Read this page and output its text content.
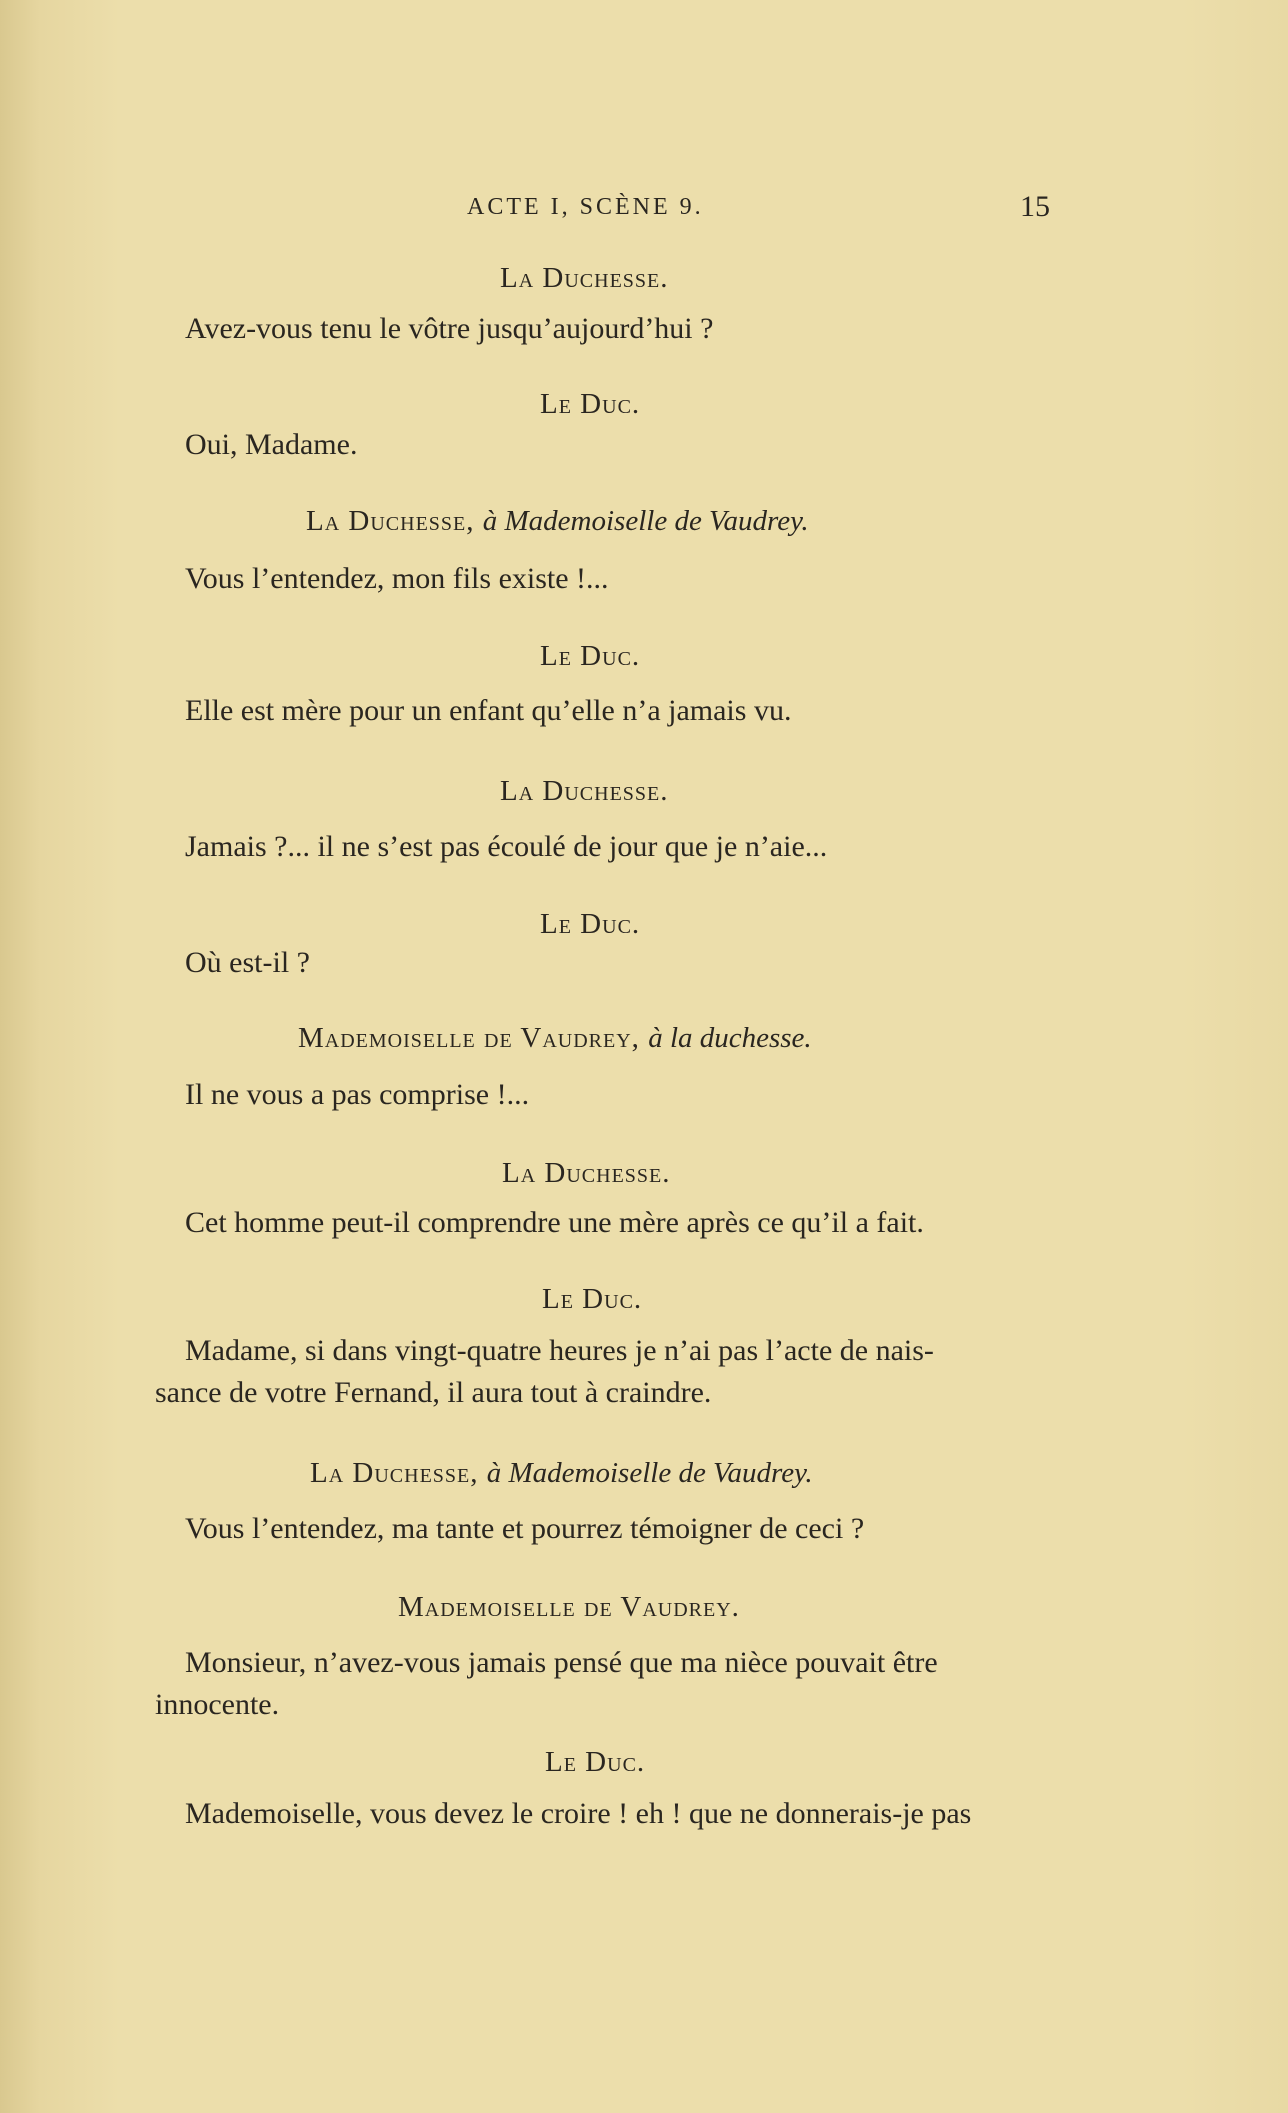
ACTE I, SCÈNE 9.	15
La Duchesse.
Avez-vous tenu le vôtre jusqu’aujourd’hui ?
Le Duc.
Oui, Madame.
La Duchesse, à Mademoiselle de Vaudrey.
Vous l’entendez, mon fils existe !...
Le Duc.
Elle est mère pour un enfant qu’elle n’a jamais vu.
La Duchesse.
Jamais ?... il ne s’est pas écoulé de jour que je n’aie...
Le Duc.
Où est-il ?
Mademoiselle de Vaudrey, à la duchesse.
Il ne vous a pas comprise !...
La Duchesse.
Cet homme peut-il comprendre une mère après ce qu’il a fait.
Le Duc.
Madame, si dans vingt-quatre heures je n’ai pas l’acte de nais-
sance de votre Fernand, il aura tout à craindre.
La Duchesse, à Mademoiselle de Vaudrey.
Vous l’entendez, ma tante et pourrez témoigner de ceci ?
Mademoiselle de Vaudrey.
Monsieur, n’avez-vous jamais pensé que ma nièce pouvait être
innocente.
Le Duc.
Mademoiselle, vous devez le croire ! eh ! que ne donnerais-je pas
